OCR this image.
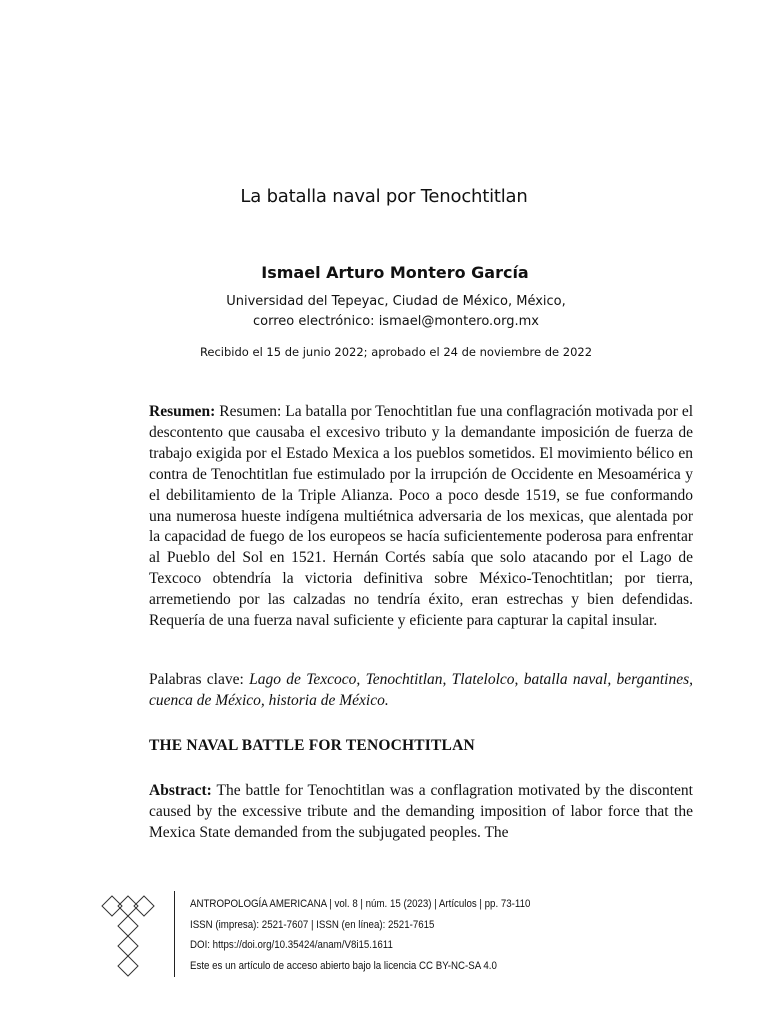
La batalla naval por Tenochtitlan
Ismael Arturo Montero García
Universidad del Tepeyac, Ciudad de México, México,
correo electrónico: ismael@montero.org.mx
Recibido el 15 de junio 2022; aprobado el 24 de noviembre de 2022
Resumen: Resumen: La batalla por Tenochtitlan fue una conflagración motivada por el descontento que causaba el excesivo tributo y la demandante imposición de fuerza de trabajo exigida por el Estado Mexica a los pueblos sometidos. El movimiento bélico en contra de Tenochtitlan fue estimulado por la irrupción de Occidente en Mesoamérica y el debilitamiento de la Triple Alianza. Poco a poco desde 1519, se fue conformando una numerosa hueste indígena multiétnica adversaria de los mexicas, que alentada por la capacidad de fuego de los europeos se hacía suficientemente poderosa para enfrentar al Pueblo del Sol en 1521. Hernán Cortés sabía que solo atacando por el Lago de Texcoco obtendría la victoria definitiva sobre México-Tenochtitlan; por tierra, arremetiendo por las calzadas no tendría éxito, eran estrechas y bien defendidas. Requería de una fuerza naval suficiente y eficiente para capturar la capital insular.
Palabras clave: Lago de Texcoco, Tenochtitlan, Tlatelolco, batalla naval, bergantines, cuenca de México, historia de México.
THE NAVAL BATTLE FOR TENOCHTITLAN
Abstract: The battle for Tenochtitlan was a conflagration motivated by the discontent caused by the excessive tribute and the demanding imposition of labor force that the Mexica State demanded from the subjugated peoples. The
ANTROPOLOGÍA AMERICANA | vol. 8 | núm. 15 (2023) | Artículos | pp. 73-110
ISSN (impresa): 2521-7607 | ISSN (en línea): 2521-7615
DOI: https://doi.org/10.35424/anam/V8i15.1611
Este es un artículo de acceso abierto bajo la licencia CC BY-NC-SA 4.0
